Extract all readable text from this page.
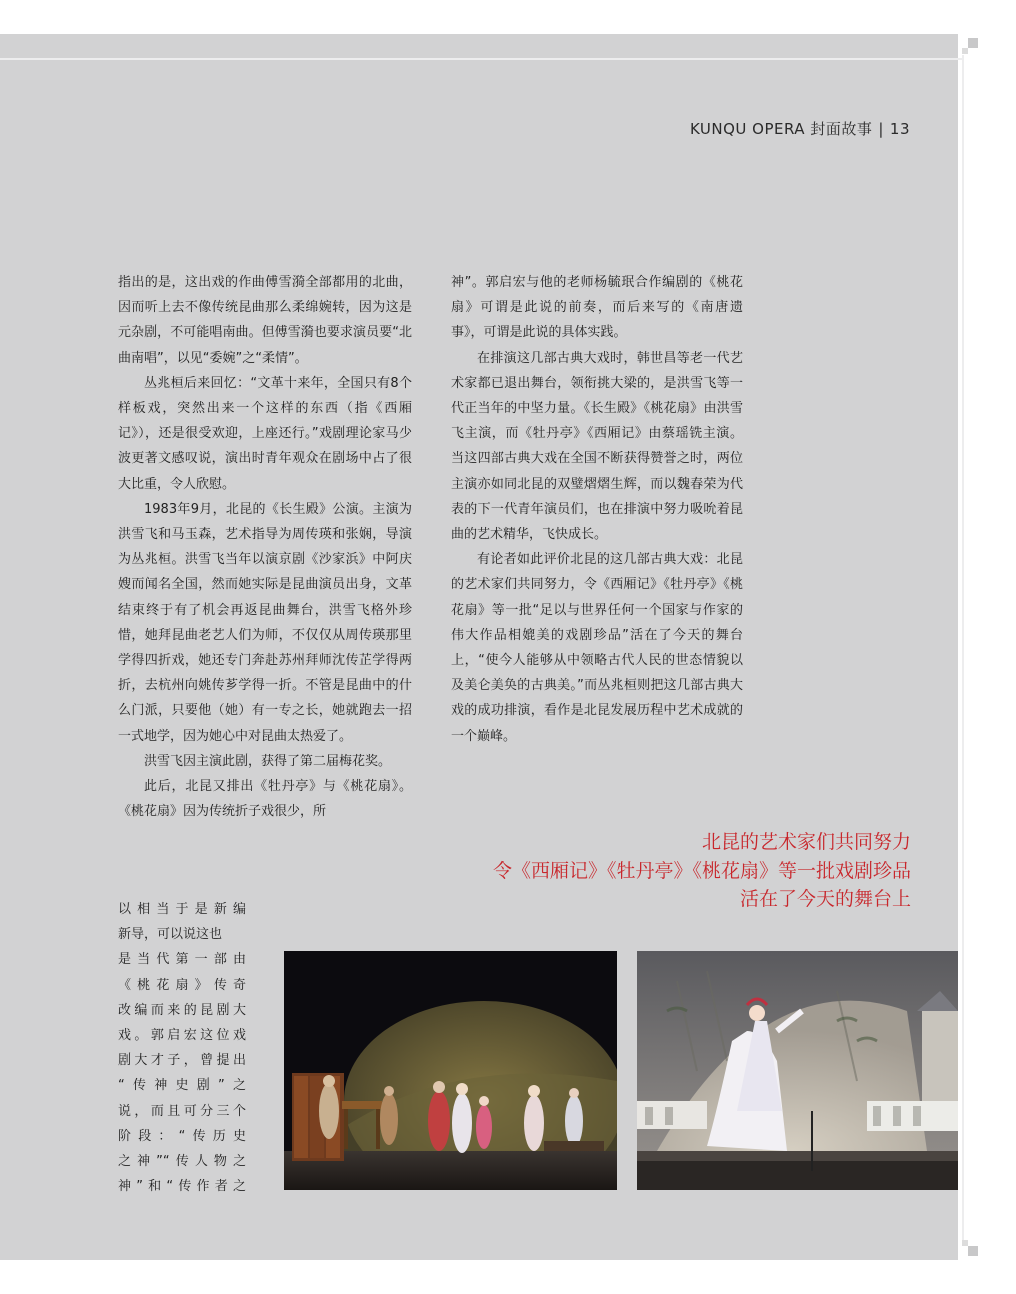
KUNQU OPERA 封面故事 | 13

指出的是，这出戏的作曲傅雪漪全部都用的北曲，因而听上去不像传统昆曲那么柔绵婉转，因为这是元杂剧，不可能唱南曲。但傅雪漪也要求演员要“北曲南唱”，以见“委婉”之“柔情”。

丛兆桓后来回忆：“文革十来年，全国只有8个样板戏，突然出来一个这样的东西（指《西厢记》），还是很受欢迎，上座还行。”戏剧理论家马少波更著文感叹说，演出时青年观众在剧场中占了很大比重，令人欣慰。

1983年9月，北昆的《长生殿》公演。主演为洪雪飞和马玉森，艺术指导为周传瑛和张娴，导演为丛兆桓。洪雪飞当年以演京剧《沙家浜》中阿庆嫂而闻名全国，然而她实际是昆曲演员出身，文革结束终于有了机会再返昆曲舞台，洪雪飞格外珍惜，她拜昆曲老艺人们为师，不仅仅从周传瑛那里学得四折戏，她还专门奔赴苏州拜师沈传芷学得两折，去杭州向姚传芗学得一折。不管是昆曲中的什么门派，只要他（她）有一专之长，她就跑去一招一式地学，因为她心中对昆曲太热爱了。

洪雪飞因主演此剧，获得了第二届梅花奖。

此后，北昆又排出《牡丹亭》与《桃花扇》。《桃花扇》因为传统折子戏很少，所

以相当于是新编

新导，可以说这也

是当代第一部由

《桃花扇》传奇

改编而来的昆剧大

戏。郭启宏这位戏

剧大才子，曾提出

“传神史剧”之

说，而且可分三个

阶段：“传历史

之神”“传人物之

神”和“传作者之

神”。郭启宏与他的老师杨毓珉合作编剧的《桃花扇》可谓是此说的前奏，而后来写的《南唐遗事》，可谓是此说的具体实践。

在排演这几部古典大戏时，韩世昌等老一代艺术家都已退出舞台，领衔挑大梁的，是洪雪飞等一代正当年的中坚力量。《长生殿》《桃花扇》由洪雪飞主演，而《牡丹亭》《西厢记》由蔡瑶铣主演。当这四部古典大戏在全国不断获得赞誉之时，两位主演亦如同北昆的双璧熠熠生辉，而以魏春荣为代表的下一代青年演员们，也在排演中努力吸吮着昆曲的艺术精华，飞快成长。

有论者如此评价北昆的这几部古典大戏：北昆的艺术家们共同努力，令《西厢记》《牡丹亭》《桃花扇》等一批“足以与世界任何一个国家与作家的伟大作品相媲美的戏剧珍品”活在了今天的舞台上，“使今人能够从中领略古代人民的世态情貌以及美仑美奂的古典美。”而丛兆桓则把这几部古典大戏的成功排演，看作是北昆发展历程中艺术成就的一个巅峰。

北昆的艺术家们共同努力
令《西厢记》《牡丹亭》《桃花扇》等一批戏剧珍品
活在了今天的舞台上
